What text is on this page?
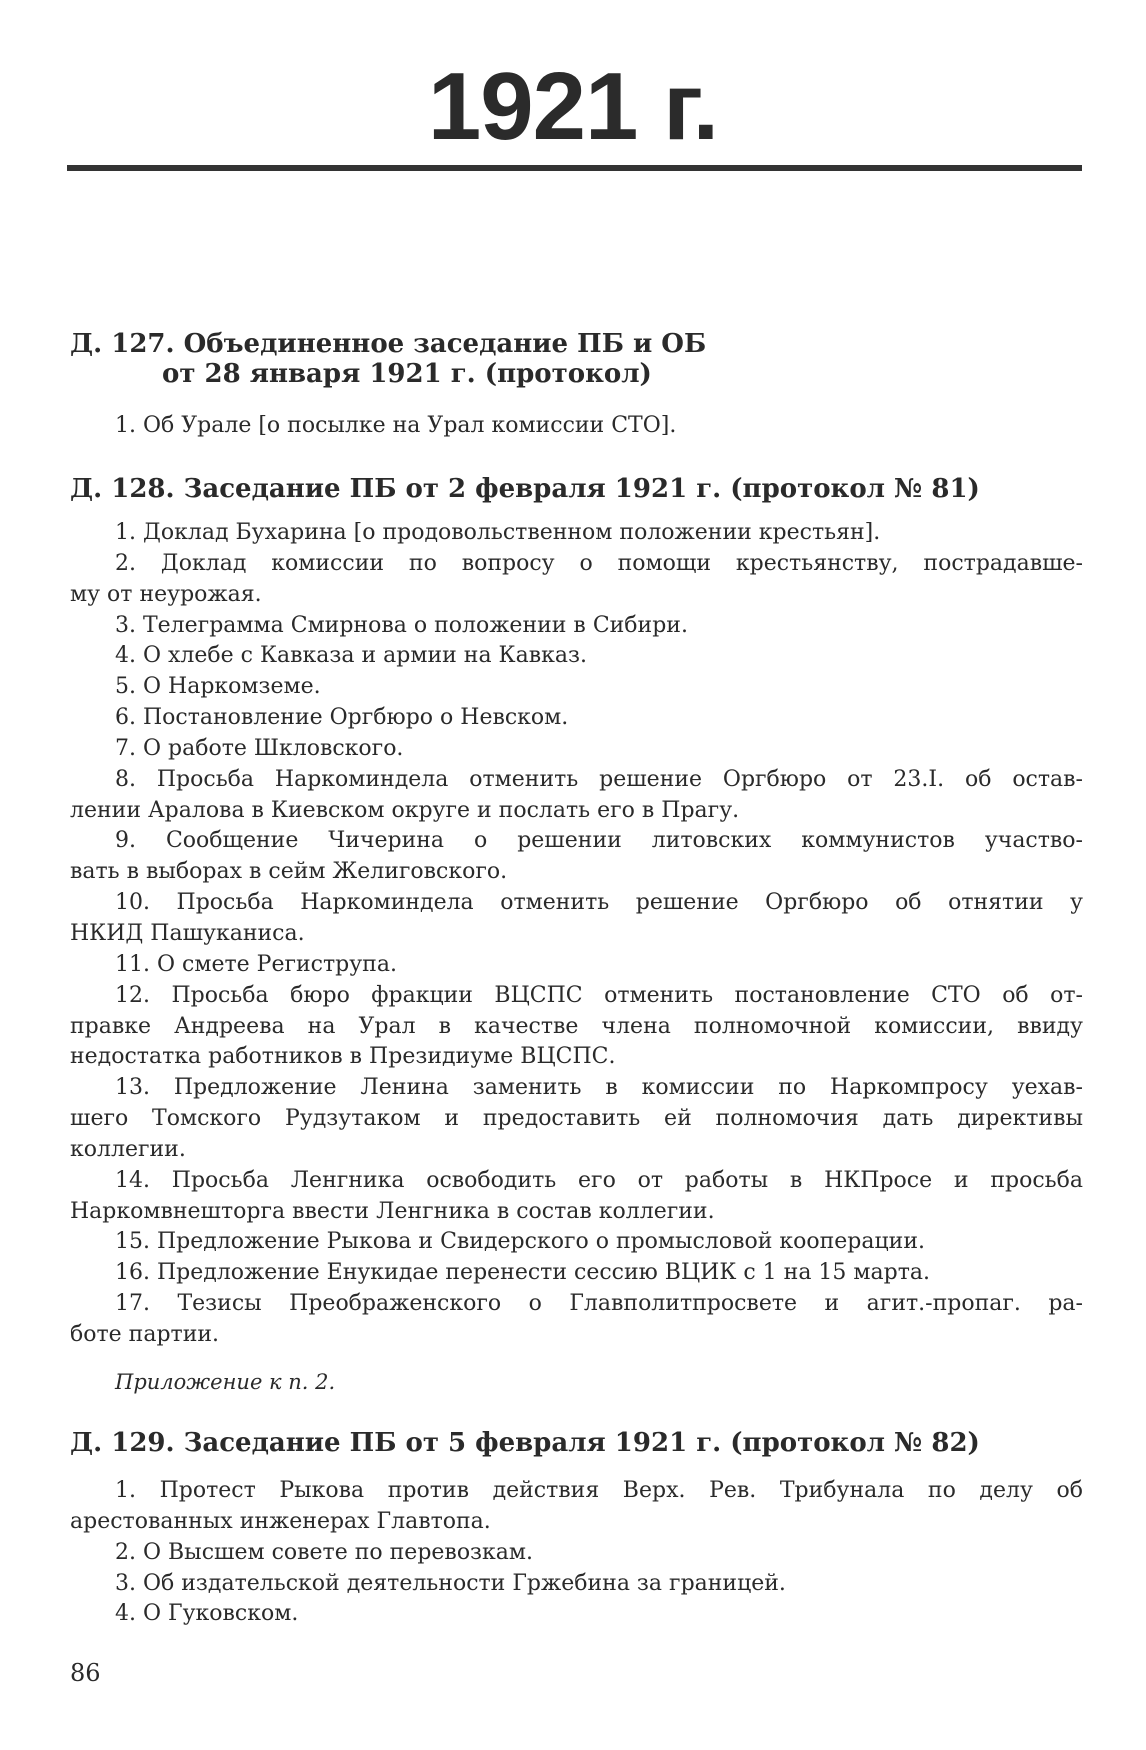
1921 г.
Д. 127. Объединенное заседание ПБ и ОБ
от 28 января 1921 г. (протокол)
1. Об Урале [о посылке на Урал комиссии СТО].
Д. 128. Заседание ПБ от 2 февраля 1921 г. (протокол № 81)
1. Доклад Бухарина [о продовольственном положении крестьян].
2. Доклад комиссии по вопросу о помощи крестьянству, пострадавше-
му от неурожая.
3. Телеграмма Смирнова о положении в Сибири.
4. О хлебе с Кавказа и армии на Кавказ.
5. О Наркомземе.
6. Постановление Оргбюро о Невском.
7. О работе Шкловского.
8. Просьба Наркоминдела отменить решение Оргбюро от 23.I. об остав-
лении Аралова в Киевском округе и послать его в Прагу.
9. Сообщение Чичерина о решении литовских коммунистов участво-
вать в выборах в сейм Желиговского.
10. Просьба Наркоминдела отменить решение Оргбюро об отнятии у
НКИД Пашуканиса.
11. О смете Региструпа.
12. Просьба бюро фракции ВЦСПС отменить постановление СТО об от-
правке Андреева на Урал в качестве члена полномочной комиссии, ввиду
недостатка работников в Президиуме ВЦСПС.
13. Предложение Ленина заменить в комиссии по Наркомпросу уехав-
шего Томского Рудзутаком и предоставить ей полномочия дать директивы
коллегии.
14. Просьба Ленгника освободить его от работы в НКПросе и просьба
Наркомвнешторга ввести Ленгника в состав коллегии.
15. Предложение Рыкова и Свидерского о промысловой кооперации.
16. Предложение Енукидае перенести сессию ВЦИК с 1 на 15 марта.
17. Тезисы Преображенского о Главполитпросвете и агит.-пропаг. ра-
боте партии.
Приложение к п. 2.
Д. 129. Заседание ПБ от 5 февраля 1921 г. (протокол № 82)
1. Протест Рыкова против действия Верх. Рев. Трибунала по делу об
арестованных инженерах Главтопа.
2. О Высшем совете по перевозкам.
3. Об издательской деятельности Гржебина за границей.
4. О Гуковском.
86
